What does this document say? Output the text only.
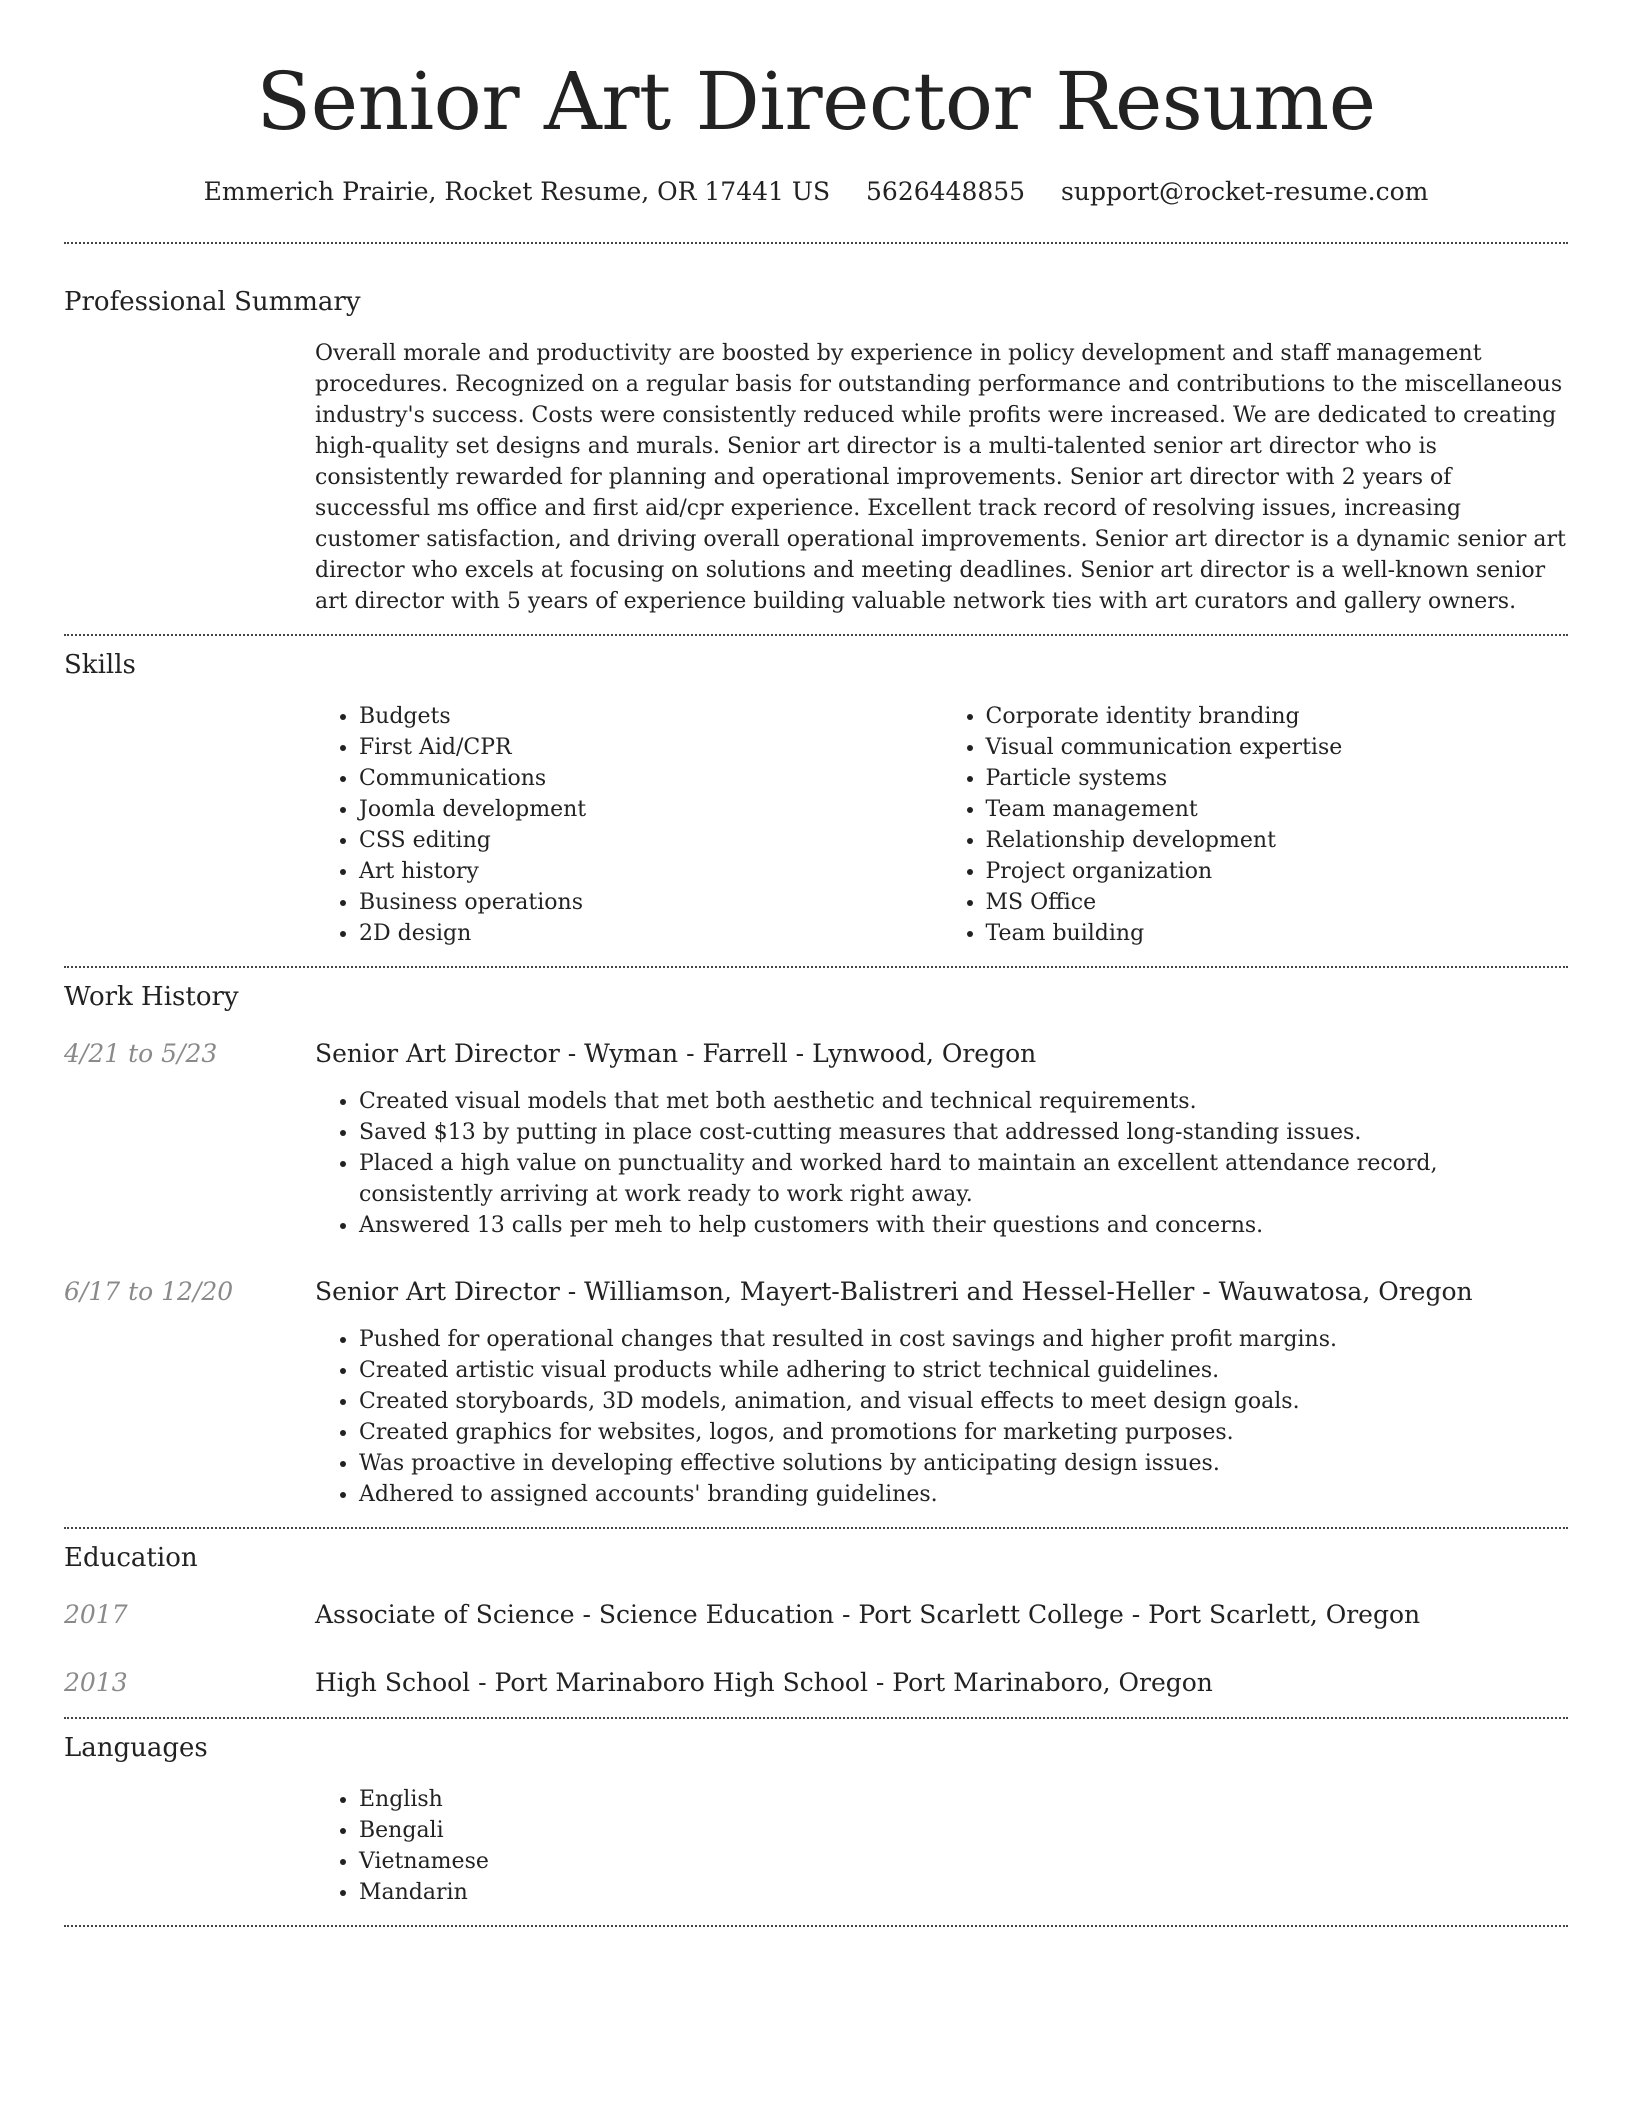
Senior Art Director Resume
Emmerich Prairie, Rocket Resume, OR 17441 US 5626448855 support@rocket-resume.com
Professional Summary

Overall morale and productivity are boosted by experience in policy development and staff management procedures. Recognized on a regular basis for outstanding performance and contributions to the miscellaneous industry's success. Costs were consistently reduced while profits were increased. We are dedicated to creating high-quality set designs and murals. Senior art director is a multi-talented senior art director who is consistently rewarded for planning and operational improvements. Senior art director with 2 years of successful ms office and first aid/cpr experience. Excellent track record of resolving issues, increasing customer satisfaction, and driving overall operational improvements. Senior art director is a dynamic senior art director who excels at focusing on solutions and meeting deadlines. Senior art director is a well-known senior art director with 5 years of experience building valuable network ties with art curators and gallery owners.

Skills
• Budgets
• First Aid/CPR
• Communications
• Joomla development
• CSS editing
• Art history
• Business operations
• 2D design
• Corporate identity branding
• Visual communication expertise
• Particle systems
• Team management
• Relationship development
• Project organization
• MS Office
• Team building
Work History
4/21 to 5/23	Senior Art Director - Wyman - Farrell - Lynwood, Oregon
• Created visual models that met both aesthetic and technical requirements.
• Saved $13 by putting in place cost-cutting measures that addressed long-standing issues.
• Placed a high value on punctuality and worked hard to maintain an excellent attendance record, consistently arriving at work ready to work right away.
• Answered 13 calls per meh to help customers with their questions and concerns.
6/17 to 12/20	Senior Art Director - Williamson, Mayert-Balistreri and Hessel-Heller - Wauwatosa, Oregon
• Pushed for operational changes that resulted in cost savings and higher profit margins.
• Created artistic visual products while adhering to strict technical guidelines.
• Created storyboards, 3D models, animation, and visual effects to meet design goals.
• Created graphics for websites, logos, and promotions for marketing purposes.
• Was proactive in developing effective solutions by anticipating design issues.
• Adhered to assigned accounts' branding guidelines.
Education
2017	Associate of Science - Science Education - Port Scarlett College - Port Scarlett, Oregon
2013	High School - Port Marinaboro High School - Port Marinaboro, Oregon
Languages
• English
• Bengali
• Vietnamese
• Mandarin
